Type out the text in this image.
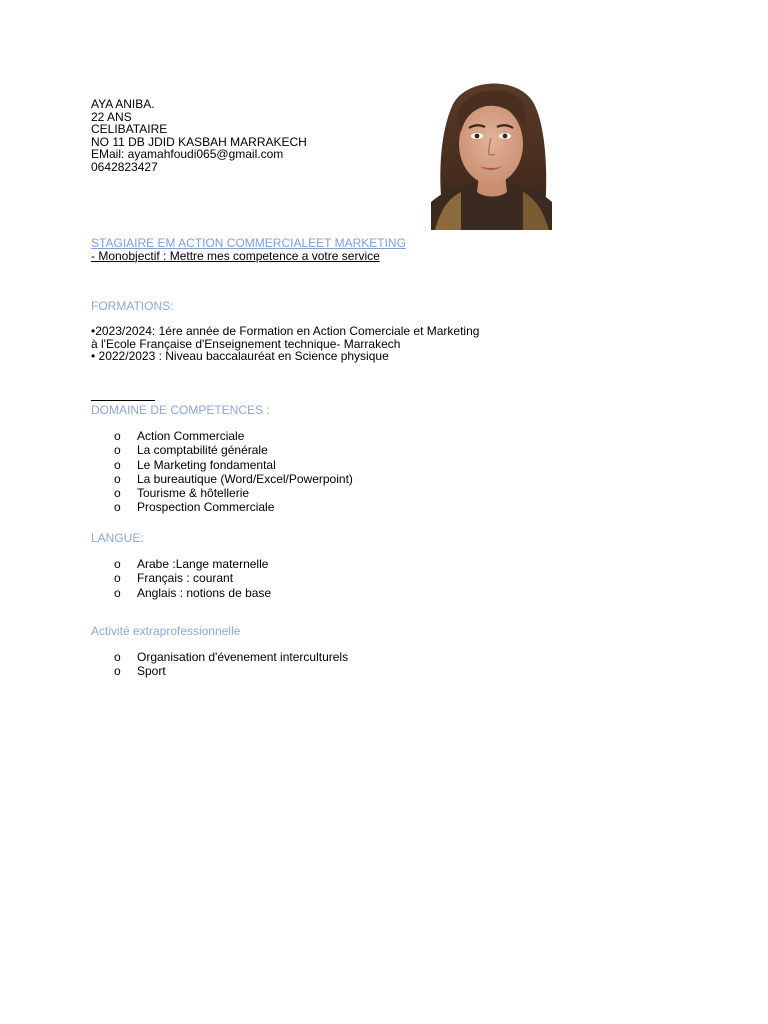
AYA ANIBA.
22 ANS
CELIBATAIRE
NO 11 DB JDID KASBAH MARRAKECH
EMail: ayamahfoudi065@gmail.com
0642823427
STAGIAIRE EM ACTION COMMERCIALEET MARKETING
- Monobjectif : Mettre mes competence a votre service
FORMATIONS:
•2023/2024: 1ére année de Formation en Action Comerciale et Marketing
à l'Ecole Française d'Enseignement technique- Marrakech
• 2022/2023 : Niveau baccalauréat en Science physique
DOMAINE DE COMPETENCES :
o Action Commerciale
o La comptabilité générale
o Le Marketing fondamental
o La bureautique (Word/Excel/Powerpoint)
o Tourisme & hôtellerie
o Prospection Commerciale
LANGUE:
o Arabe :Lange maternelle
o Français : courant
o Anglais : notions de base
Activité extraprofessionnelle
o Organisation d'évenement interculturels
o Sport
